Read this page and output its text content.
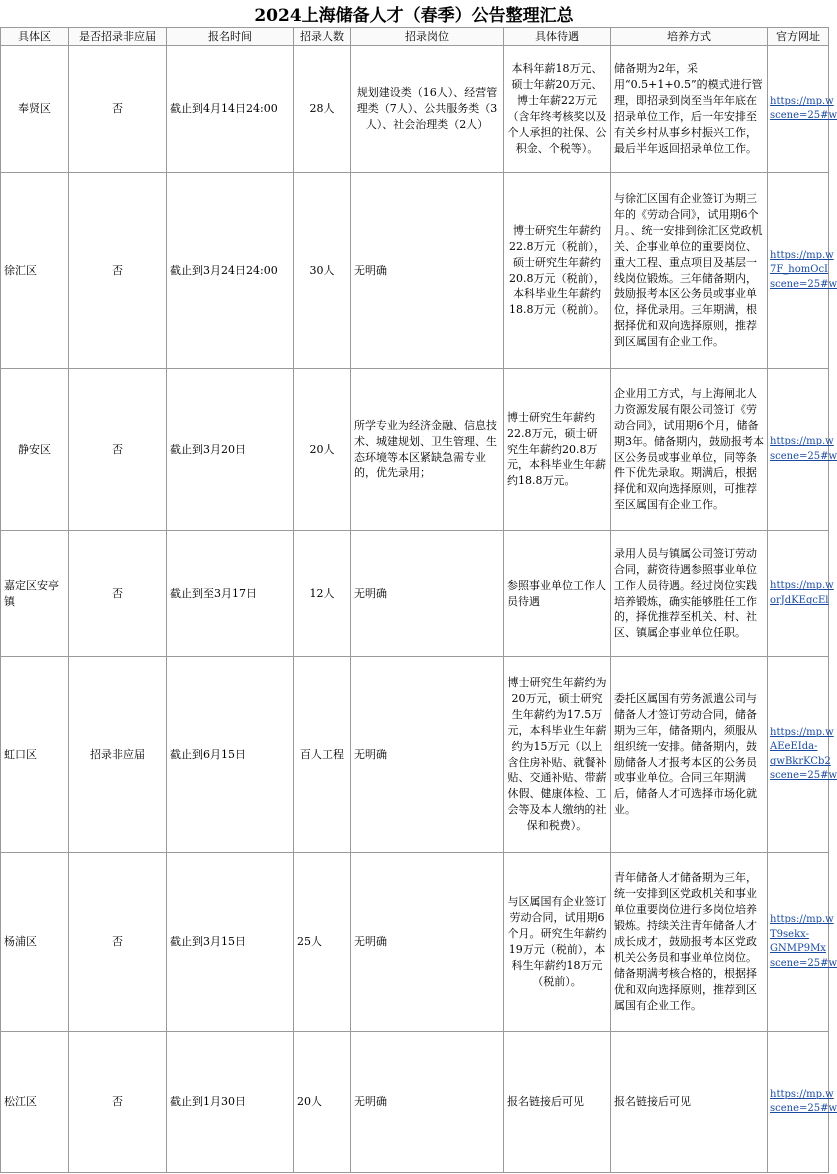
2024上海储备人才（春季）公告整理汇总
具体区	是否招录非应届	报名时间	招录人数	招录岗位	具体待遇	培养方式	官方网址
奉贤区	否	截止到4月14日24:00	28人	规划建设类（16人）、经营管理类（7人）、公共服务类（3人）、社会治理类（2人）	本科年薪18万元、硕士年薪20万元、博士年薪22万元（含年终考核奖以及个人承担的社保、公积金、个税等）。	储备期为2年，采用“0.5+1+0.5”的模式进行管理，即招录到岗至当年年底在招录单位工作，后一年安排至有关乡村从事乡村振兴工作，最后半年返回招录单位工作。	https://mp.w
scene=25#w
徐汇区	否	截止到3月24日24:00	30人	无明确	博士研究生年薪约22.8万元（税前），硕士研究生年薪约20.8万元（税前），本科毕业生年薪约18.8万元（税前）。	与徐汇区国有企业签订为期三年的《劳动合同》，试用期6个月。、统一安排到徐汇区党政机关、企事业单位的重要岗位、重大工程、重点项目及基层一线岗位锻炼。三年储备期内，鼓励报考本区公务员或事业单位，择优录用。三年期满，根据择优和双向选择原则，推荐到区属国有企业工作。	https://mp.w
7F_homOcI
scene=25#w
静安区	否	截止到3月20日	20人	所学专业为经济金融、信息技术、城建规划、卫生管理、生态环境等本区紧缺急需专业的，优先录用；	博士研究生年薪约22.8万元，硕士研究生年薪约20.8万元，本科毕业生年薪约18.8万元。	企业用工方式，与上海闸北人力资源发展有限公司签订《劳动合同》，试用期6个月，储备期3年。储备期内，鼓励报考本区公务员或事业单位，同等条件下优先录取。期满后，根据择优和双向选择原则，可推荐至区属国有企业工作。	https://mp.w
scene=25#w
嘉定区安亭镇	否	截止到至3月17日	12人	无明确	参照事业单位工作人员待遇	录用人员与镇属公司签订劳动合同，薪资待遇参照事业单位工作人员待遇。经过岗位实践培养锻炼，确实能够胜任工作的，择优推荐至机关、村、社区、镇属企事业单位任职。	https://mp.w
orJdKEqcEl
虹口区	招录非应届	截止到6月15日	百人工程	无明确	博士研究生年薪约为20万元，硕士研究生年薪约为17.5万元，本科毕业生年薪约为15万元（以上含住房补贴、就餐补贴、交通补贴、带薪休假、健康体检、工会等及本人缴纳的社保和税费）。	委托区属国有劳务派遣公司与储备人才签订劳动合同，储备期为三年，储备期内，须服从组织统一安排。储备期内，鼓励储备人才报考本区的公务员或事业单位。合同三年期满后，储备人才可选择市场化就业。	https://mp.w
AEeEIda-
qwBkrKCb2
scene=25#w
杨浦区	否	截止到3月15日	25人	无明确	与区属国有企业签订劳动合同，试用期6个月。研究生年薪约19万元（税前），本科生年薪约18万元（税前）。	青年储备人才储备期为三年，统一安排到区党政机关和事业单位重要岗位进行多岗位培养锻炼。持续关注青年储备人才成长成才，鼓励报考本区党政机关公务员和事业单位岗位。储备期满考核合格的，根据择优和双向选择原则，推荐到区属国有企业工作。	https://mp.w
T9sekx-
GNMP9Mx
scene=25#w
松江区	否	截止到1月30日	20人	无明确	报名链接后可见	报名链接后可见	https://mp.w
scene=25#w
